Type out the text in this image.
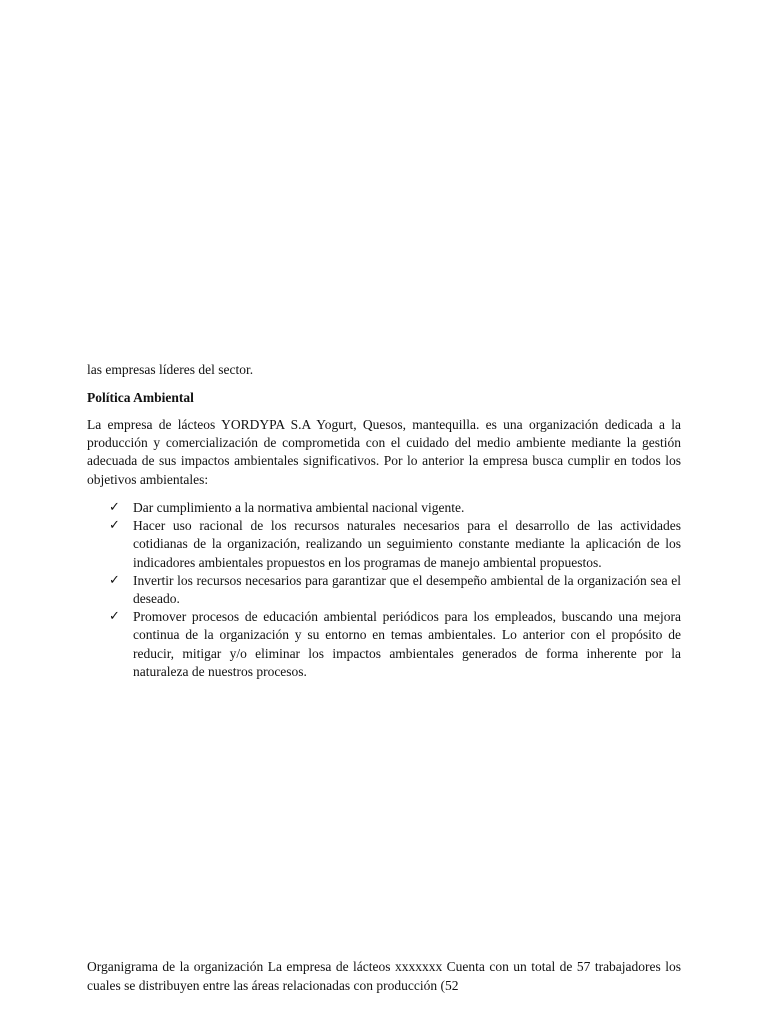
las empresas líderes del sector.
Política Ambiental
La empresa de lácteos YORDYPA S.A Yogurt, Quesos, mantequilla. es una organización dedicada a la producción y comercialización de comprometida con el cuidado del medio ambiente mediante la gestión adecuada de sus impactos ambientales significativos. Por lo anterior la empresa busca cumplir en todos los objetivos ambientales:
✓ Dar cumplimiento a la normativa ambiental nacional vigente.
✓ Hacer uso racional de los recursos naturales necesarios para el desarrollo de las actividades cotidianas de la organización, realizando un seguimiento constante mediante la aplicación de los indicadores ambientales propuestos en los programas de manejo ambiental propuestos.
✓ Invertir los recursos necesarios para garantizar que el desempeño ambiental de la organización sea el deseado.
✓ Promover procesos de educación ambiental periódicos para los empleados, buscando una mejora continua de la organización y su entorno en temas ambientales. Lo anterior con el propósito de reducir, mitigar y/o eliminar los impactos ambientales generados de forma inherente por la naturaleza de nuestros procesos.
Organigrama de la organización La empresa de lácteos xxxxxxx Cuenta con un total de 57 trabajadores los cuales se distribuyen entre las áreas relacionadas con producción (52
